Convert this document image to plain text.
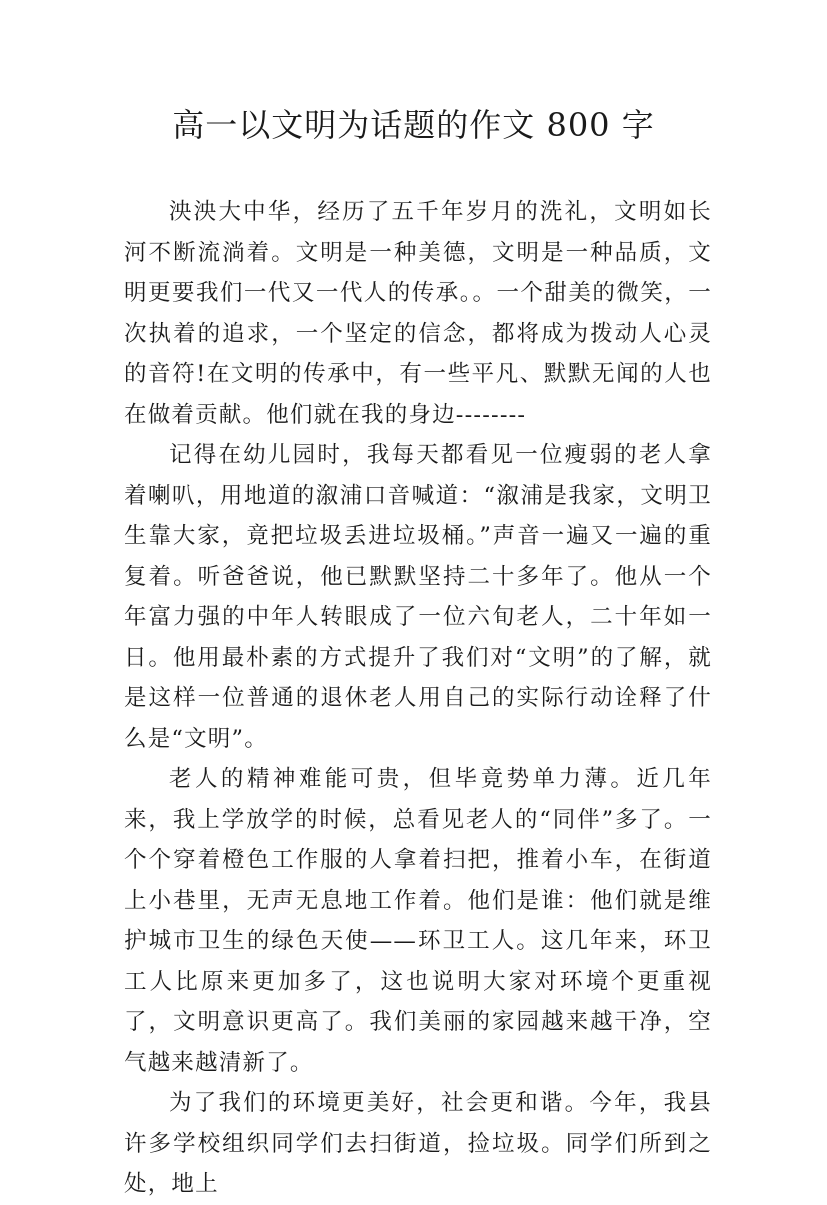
高一以文明为话题的作文 800 字

泱泱大中华，经历了五千年岁月的洗礼，文明如长河不断流淌着。文明是一种美德，文明是一种品质，文明更要我们一代又一代人的传承。。一个甜美的微笑，一次执着的追求，一个坚定的信念，都将成为拨动人心灵的音符!在文明的传承中，有一些平凡、默默无闻的人也在做着贡献。他们就在我的身边--------

记得在幼儿园时，我每天都看见一位瘦弱的老人拿着喇叭，用地道的溆浦口音喊道：“溆浦是我家，文明卫生靠大家，竟把垃圾丢进垃圾桶。”声音一遍又一遍的重复着。听爸爸说，他已默默坚持二十多年了。他从一个年富力强的中年人转眼成了一位六旬老人，二十年如一日。他用最朴素的方式提升了我们对“文明”的了解，就是这样一位普通的退休老人用自己的实际行动诠释了什么是“文明”。

老人的精神难能可贵，但毕竟势单力薄。近几年来，我上学放学的时候，总看见老人的“同伴”多了。一个个穿着橙色工作服的人拿着扫把，推着小车，在街道上小巷里，无声无息地工作着。他们是谁：他们就是维护城市卫生的绿色天使——环卫工人。这几年来，环卫工人比原来更加多了，这也说明大家对环境个更重视了，文明意识更高了。我们美丽的家园越来越干净，空气越来越清新了。

为了我们的环境更美好，社会更和谐。今年，我县许多学校组织同学们去扫街道，捡垃圾。同学们所到之处，地上
